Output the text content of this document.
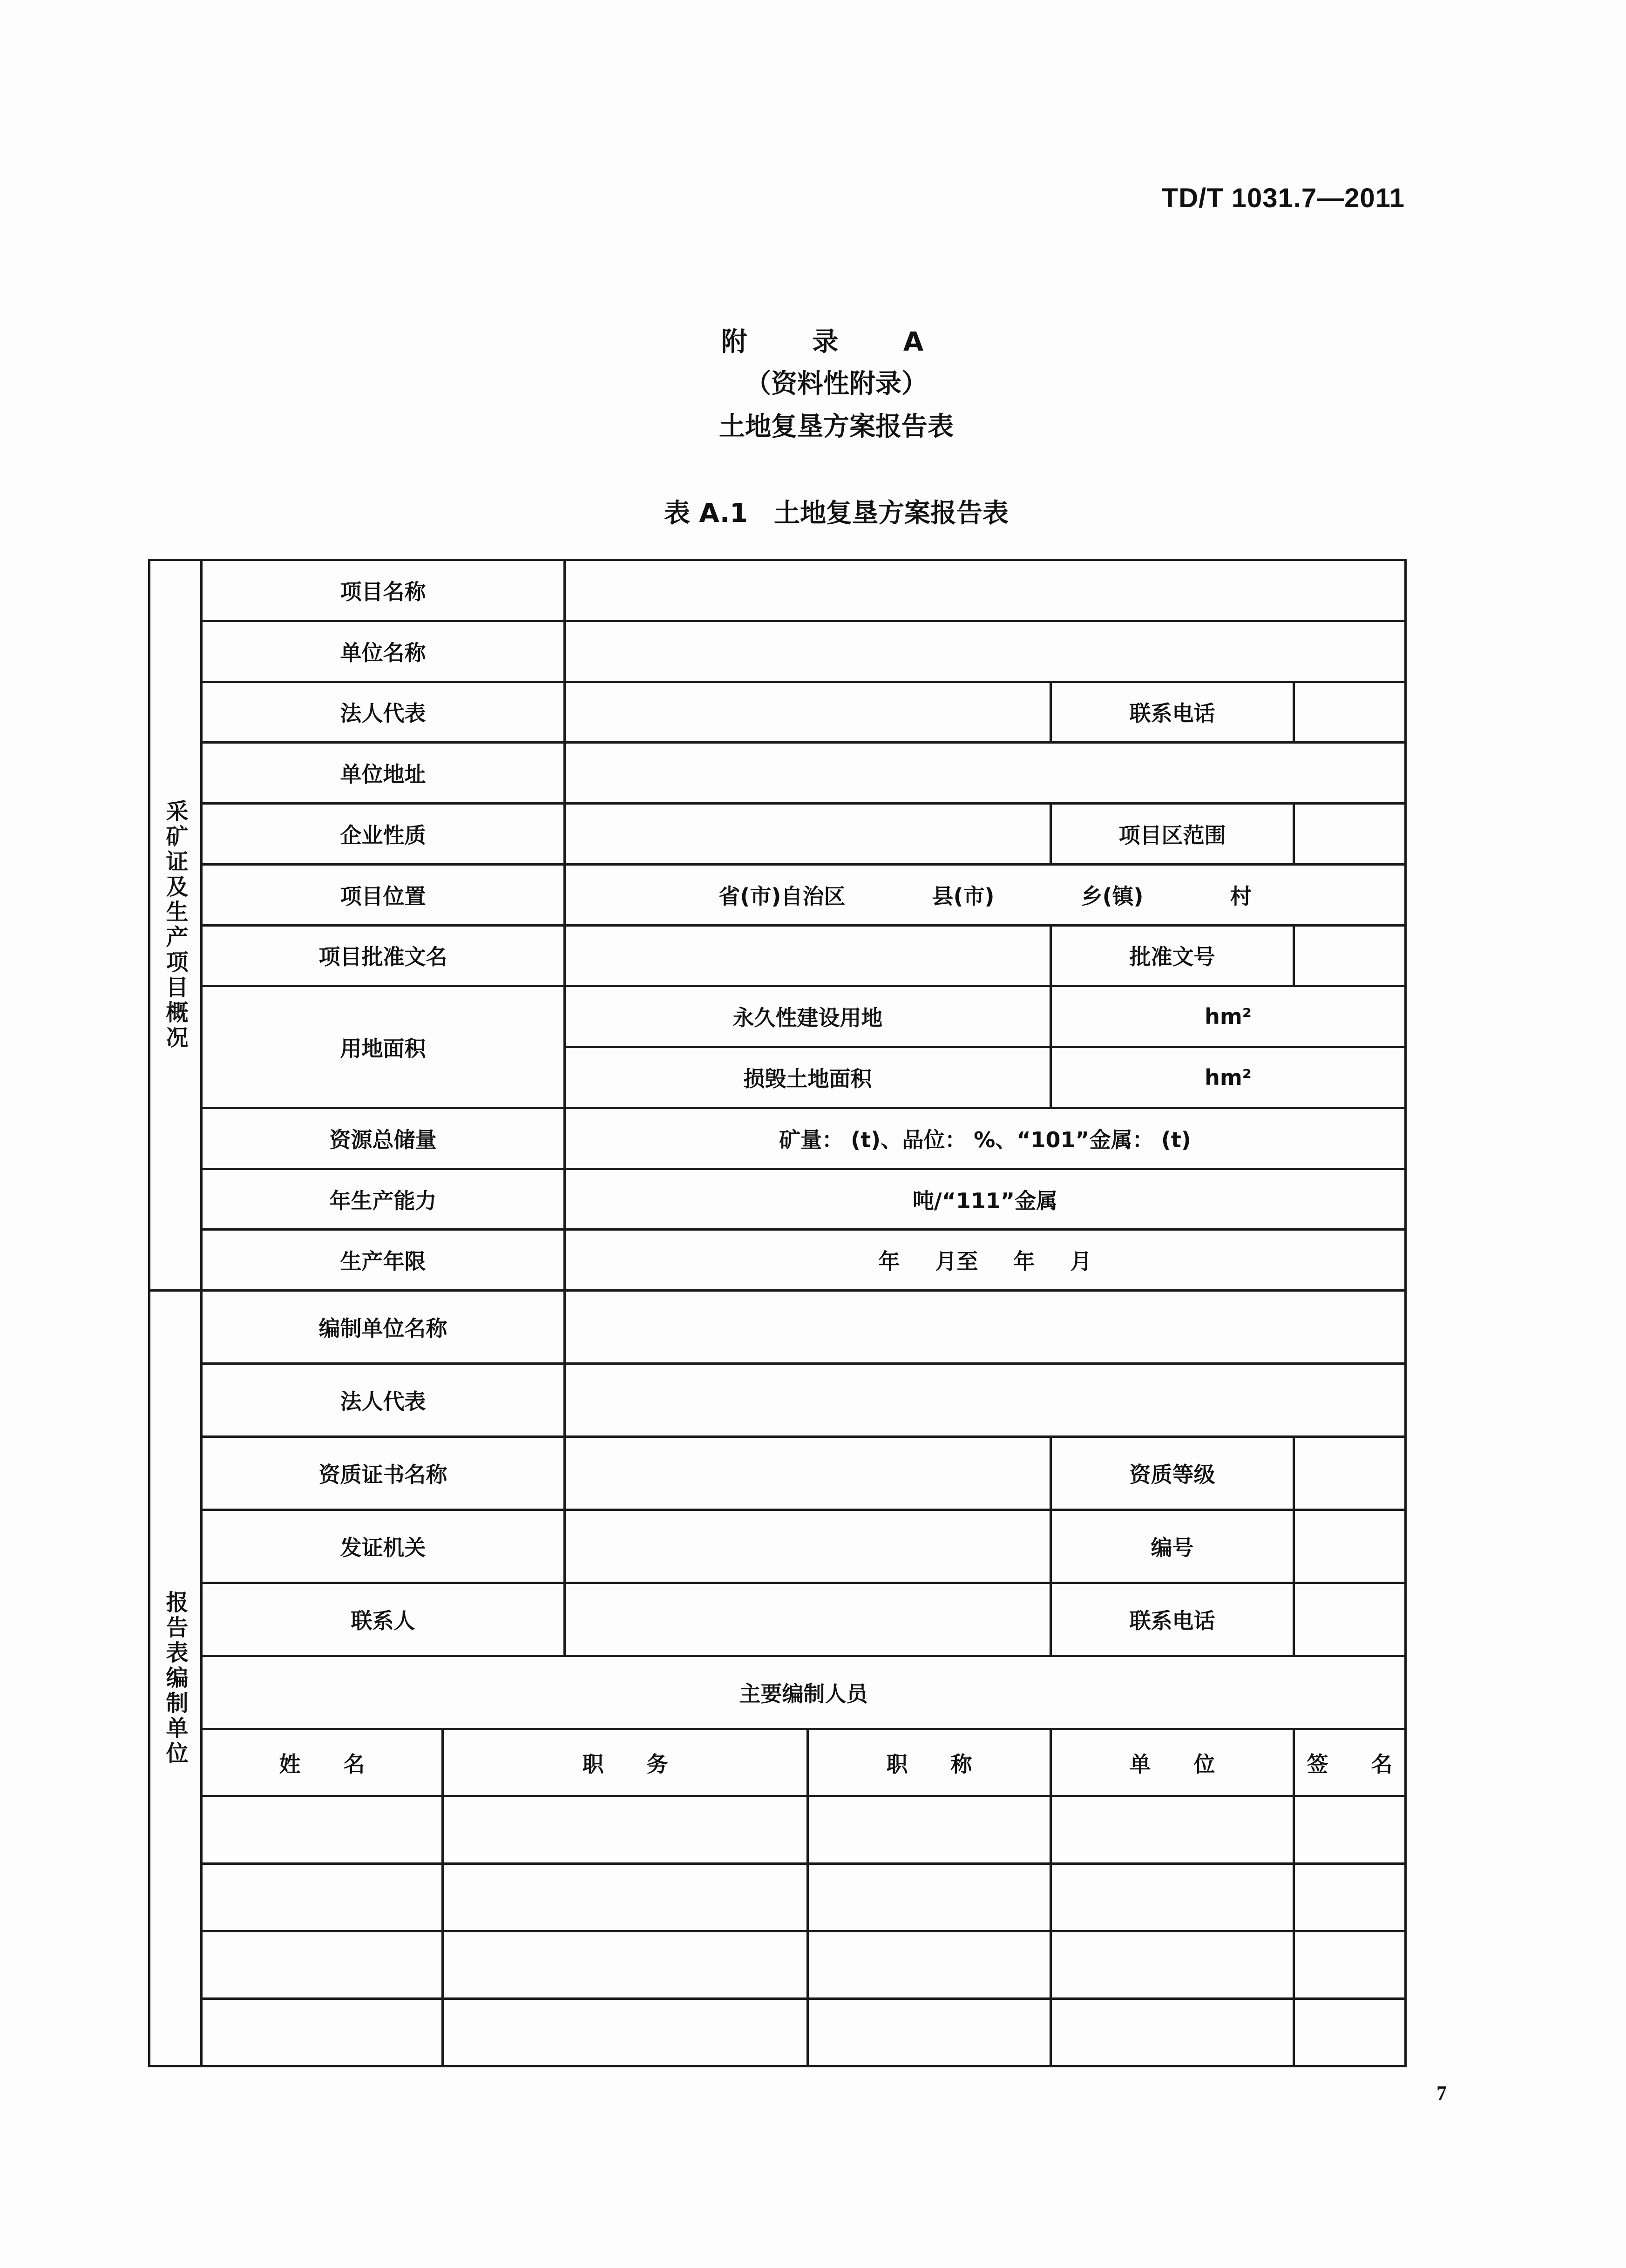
TD/T 1031.7—2011
附 录 A
（资料性附录）
土地复垦方案报告表
表 A.1　土地复垦方案报告表
采矿证及生产项目概况	项目名称					
	单位名称					
	法人代表				联系电话	
	单位地址					
	企业性质				项目区范围	
	项目位置		省(市)自治区 县(市) 乡(镇) 村			
	项目批准文名				批准文号	
	用地面积		永久性建设用地		hm²	
			损毁土地面积		hm²	
	资源总储量		矿量： (t)、品位： %、“101”金属： (t)			
	年生产能力		吨/“111”金属			
	生产年限		年 月至 年 月			
报告表编制单位	编制单位名称					
	法人代表					
	资质证书名称				资质等级	
	发证机关				编号	
	联系人				联系电话	
	主要编制人员					
	姓　　名	职　　务		职　　称	单　　位	签　　名

7
